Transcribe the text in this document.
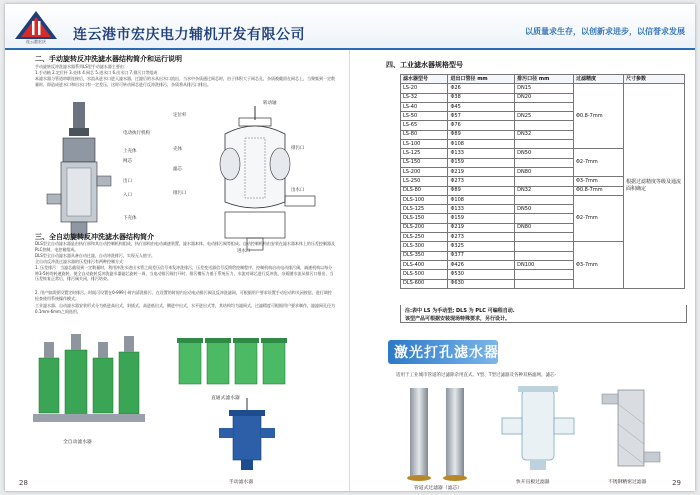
连云港宏庆	连云港市宏庆电力辅机开发有限公司	以质量求生存，以创新求进步，以信誉求发展
二、手动旋转反冲洗滤水器结构简介和运行说明
手动旋转反冲洗滤水器系列LS型手动滤水器主要由：
1.手动轴 2.定位杆 3.壳体 4.网芯 5.进水口 6.出水口 7.排污口等组成
本滤水器与管道串联连接后，水流从进水口进入滤水器，过滤后的水从出水口流出，当水中杂质通过网芯时，由于体积大于网芯孔，杂质被截留在网芯上，当聚集到一定数量时，即造成进水口和出水口有一定差压，这时可转动网芯进行反冲洗排污，杂质将从排污口排出。
电动执行机构
上壳体
网芯
出口
入口
下壳体
转动轴
定位杆
壳体
滤芯
排污口
排污口
出水口
进水口
三、全自动旋转反冲洗滤水器结构简介
DLS型全自动滤水器是由执行部和其自动控制机构组成，执行部构由电动减速装置、滤水器本体、电动排污阀等组成。自动控制机构由安装在滤水器本体上的压差控制器及PLC控制，电控箱组成。
DLS型全自动滤水器具备自动过滤、自动冲洗排污，实现无人值守。
全自动反冲洗过滤水器的压差排污有两种控制方式：
1. 压差排污：当滤芯截留到一定数量时，利用冲洗水进出水管之间差压信号来发冲洗排污，压差变送器信号反馈给控制程序，控制机构启动电动排污阀，减速机构以每分钟3-5转的转速旋转，使全自动旋转反冲洗滤水器滤芯旋转一周，当电动排污阀打开时，排污槽压力低于系统压力，水流对网芯进行反冲洗，杂质随水流从排污口排出，当压差恢复正常后，排污阀关闭，排污结束。
2. 用户如需要设置定时排污，时间可设置在0-999小时内清洗排污，在设置的时间内启动电动排污阀及反冲洗滤网，可根据用户要求设置手动启动和关闭按钮，进行调控检查使用系统操作模式。
工业滤水器、自动滤水器安装形式分为低进高出式，斜插式，高进低出式，侧进中出式，水平进出式等，其结构均为滤网式，过滤精度可根据用户要求制作，滤滤网孔径为0.1mm-6mm之间选用。
全自动滤水器
直通式滤水器
手动滤水器
28
四、工业滤水器规格型号
滤水器型号	进出口管径 mm	排污口径 mm	过滤精度	尺寸参数
LS-20	Φ26	DN15	Φ0.8-7mm	根据过滤精度等级及通流面积确定
LS-32	Φ38	DN20		
LS-40	Φ45			
LS-50	Φ57	DN25		
LS-65	Φ76			
LS-80	Φ89	DN32		
LS-100	Φ108			
LS-125	Φ133	DN50	Φ2-7mm	
LS-150	Φ159			
LS-200	Φ219	DN80		
LS-250	Φ273		Φ3-7mm	
DLS-80	Φ89	DN32	Φ0.8-7mm	
DLS-100	Φ108		Φ2-7mm	
DLS-125	Φ133	DN50		
DLS-150	Φ159			
DLS-200	Φ219	DN80		
DLS-250	Φ273			
DLS-300	Φ325		Φ3-7mm	
DLS-350	Φ377			
DLS-400	Φ426	DN100		
DLS-500	Φ530			
DLS-600	Φ630			
注:表中 LS 为手动型; DLS 为 PLC 可编程自动.
该型产品可根据安装现场特殊要求，另行设计。
激光打孔滤水器
适用于工业城市管道的过滤除杂用直式、Y型、T型过滤器及各种双格滤网。滤芯-
管道式过滤器（滤芯）
快开盲板过滤器	不锈钢精密过滤器	29
